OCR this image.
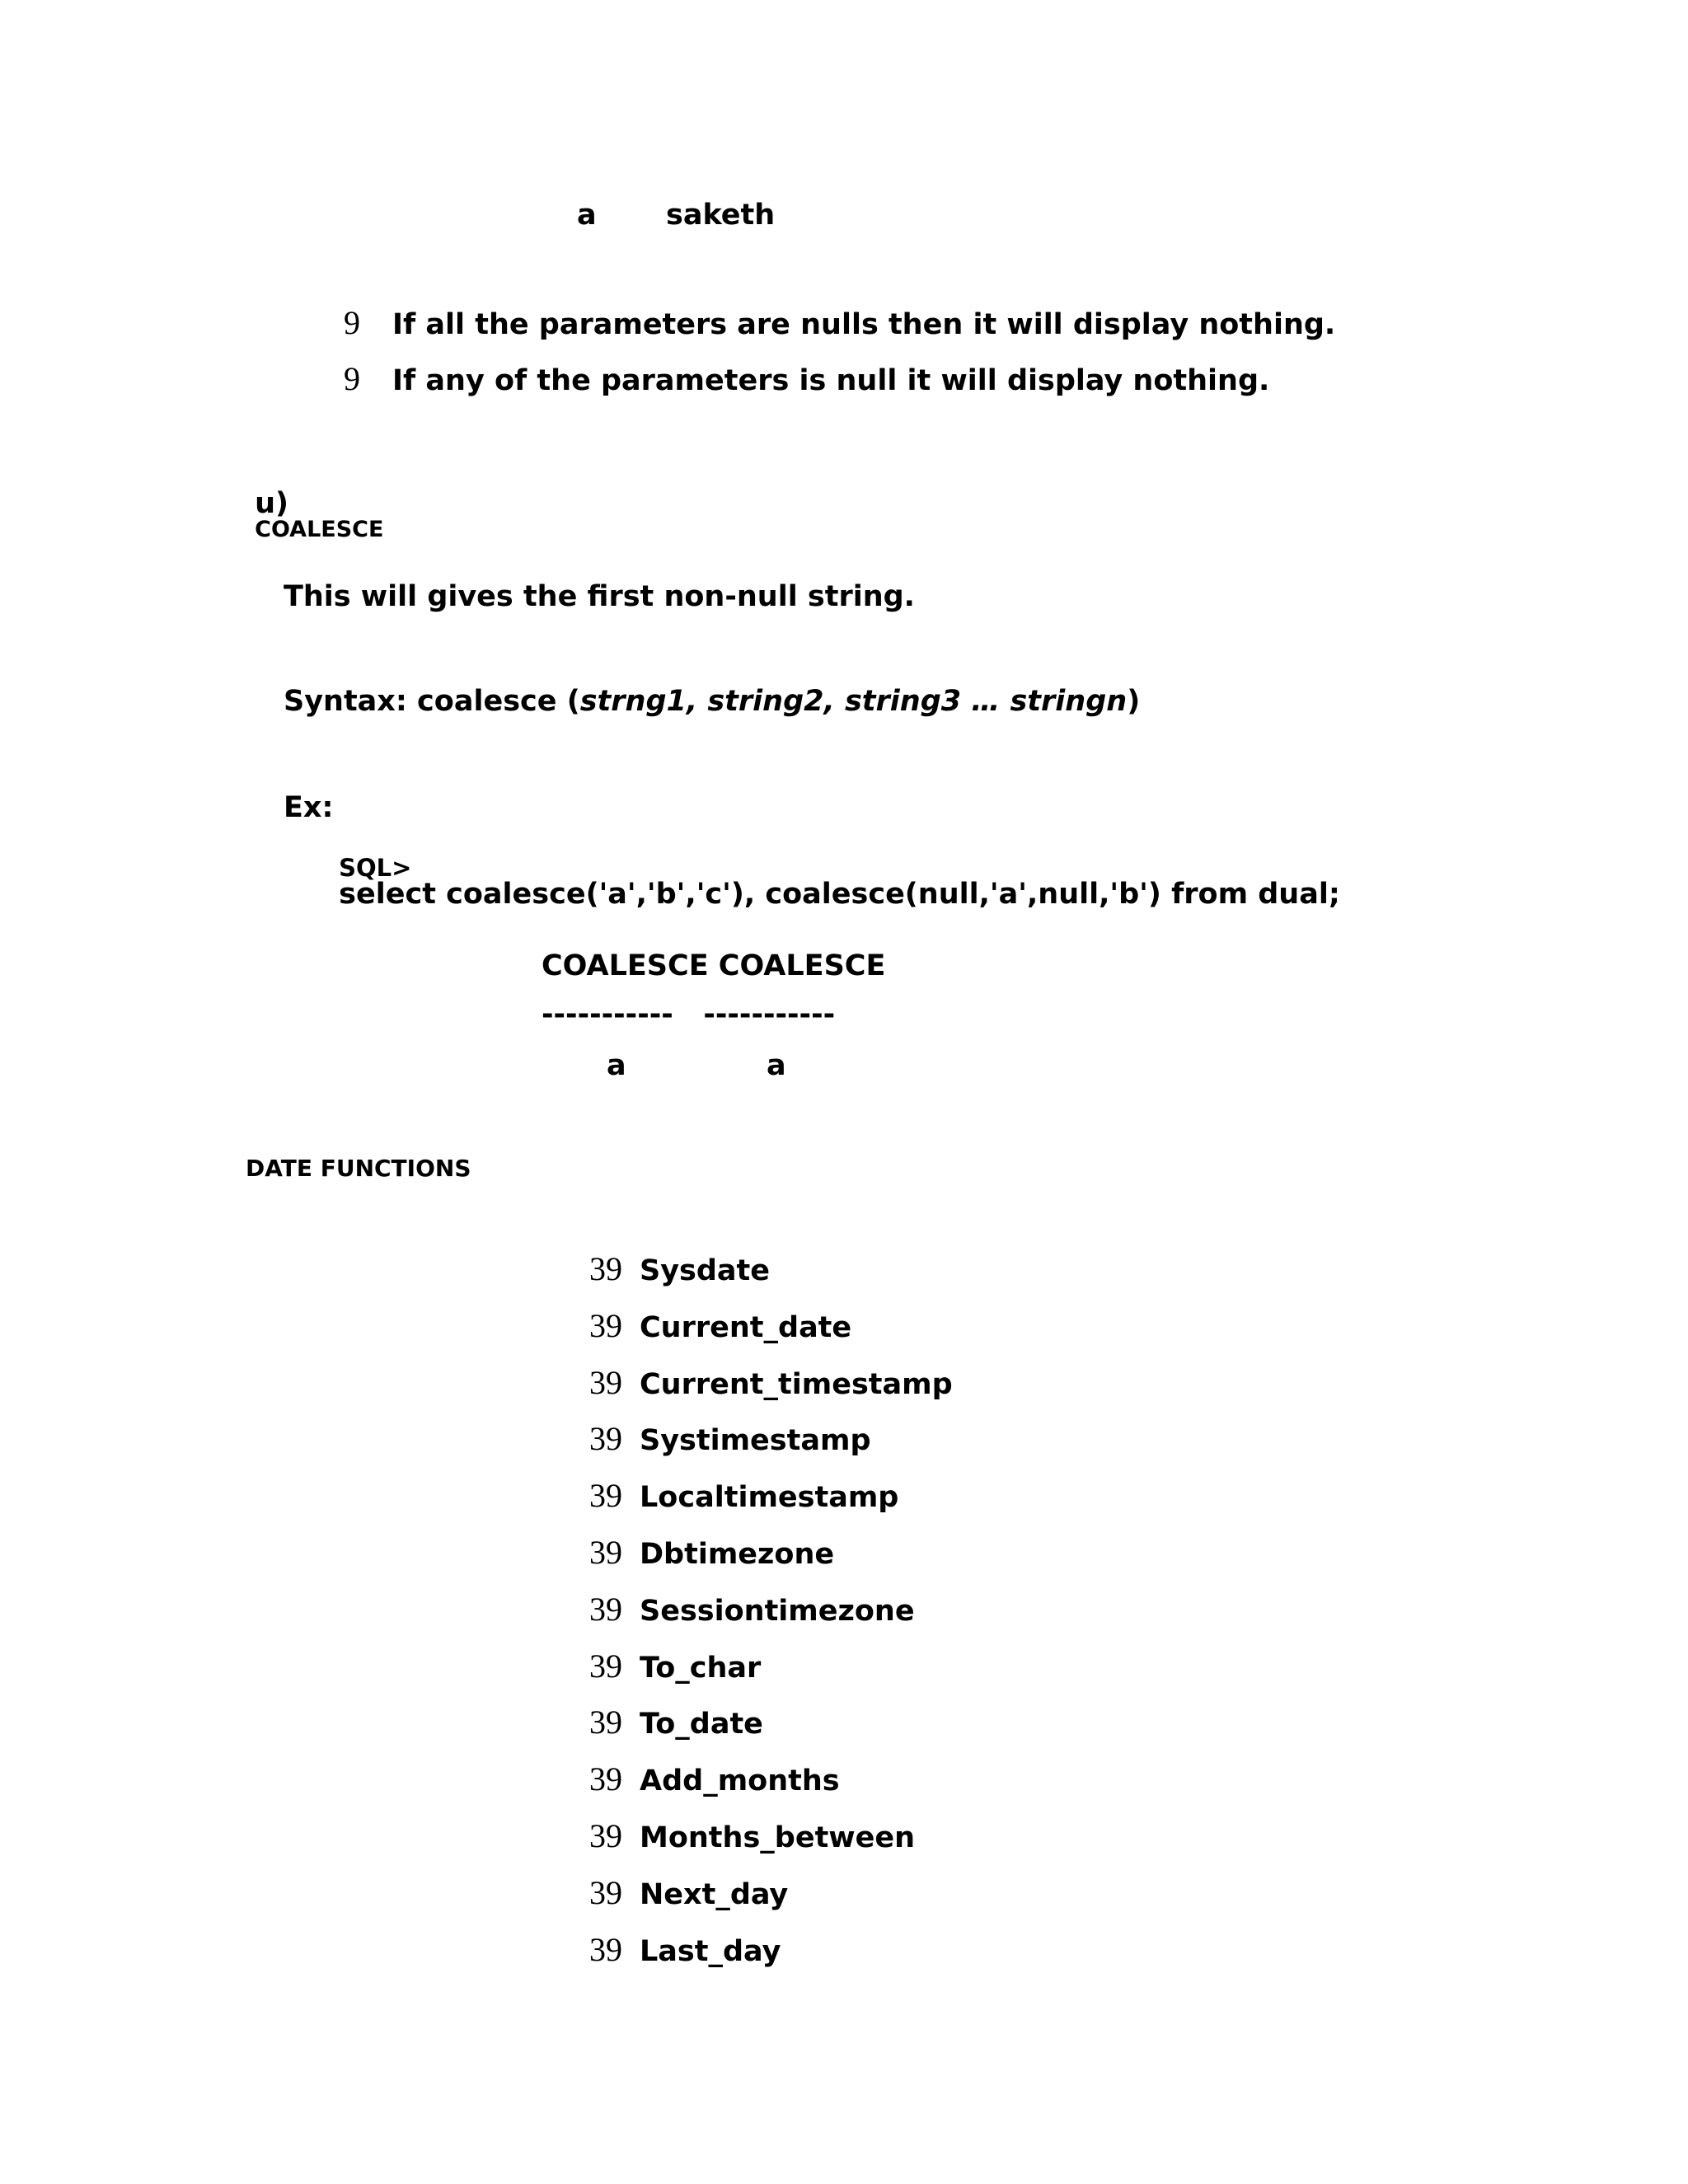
a saketh
9 If all the parameters are nulls then it will display nothing.
9 If any of the parameters is null it will display nothing.

u)
COALESCE

This will gives the first non-null string.
Syntax: coalesce (strng1, string2, string3 … stringn)
Ex:

SQL>
select coalesce('a','b','c'), coalesce(null,'a',null,'b') from dual;

COALESCE COALESCE
-----------   -----------
a	a
DATE FUNCTIONS
39 Sysdate
39 Current_date
39 Current_timestamp
39 Systimestamp
39 Localtimestamp
39 Dbtimezone
39 Sessiontimezone
39 To_char
39 To_date
39 Add_months
39 Months_between
39 Next_day
39 Last_day
